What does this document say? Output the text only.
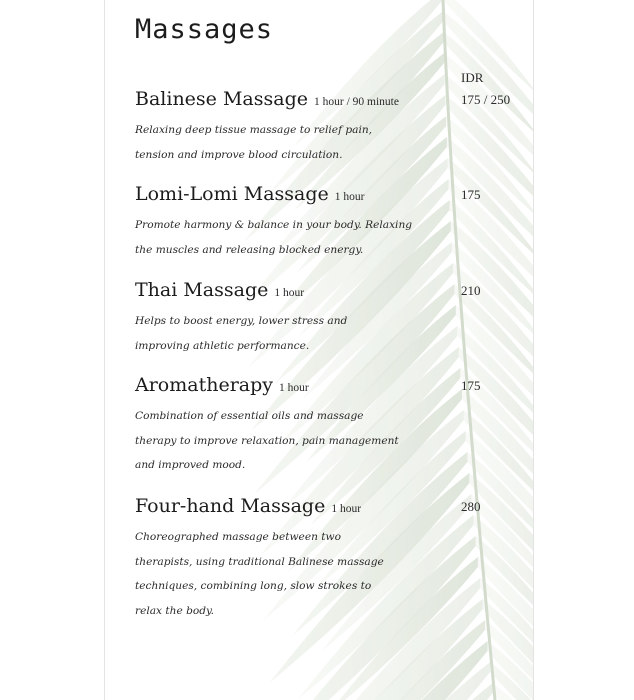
Massages
IDR
Balinese Massage 1 hour / 90 minute	175 / 250
Relaxing deep tissue massage to relief pain,
tension and improve blood circulation.
Lomi-Lomi Massage 1 hour	175
Promote harmony & balance in your body. Relaxing
the muscles and releasing blocked energy.
Thai Massage 1 hour	210
Helps to boost energy, lower stress and
improving athletic performance.
Aromatherapy 1 hour	175
Combination of essential oils and massage
therapy to improve relaxation, pain management
and improved mood.
Four-hand Massage 1 hour	280
Choreographed massage between two
therapists, using traditional Balinese massage
techniques, combining long, slow strokes to
relax the body.
